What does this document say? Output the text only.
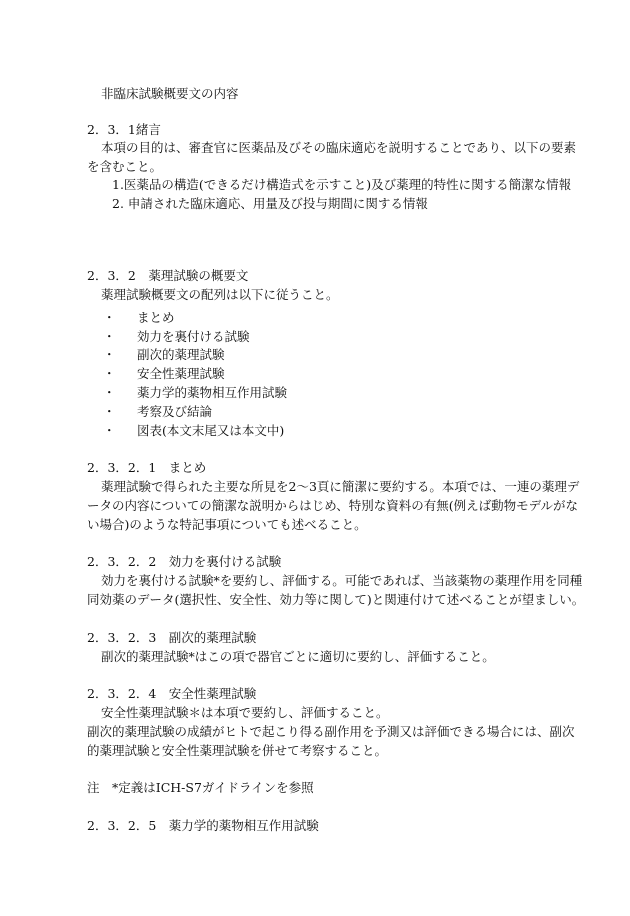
非臨床試験概要文の内容
2．3．1緒言
本項の目的は、審査官に医薬品及びその臨床適応を説明することであり、以下の要素
を含むこと。
1.医薬品の構造(できるだけ構造式を示すこと)及び薬理的特性に関する簡潔な情報
2. 申請された臨床適応、用量及び投与期間に関する情報
2．3．2　薬理試験の概要文
薬理試験概要文の配列は以下に従うこと。
・ まとめ
・ 効力を裏付ける試験
・ 副次的薬理試験
・ 安全性薬理試験
・ 薬力学的薬物相互作用試験
・ 考察及び結論
・ 図表(本文末尾又は本文中)
2．3．2．1　まとめ
薬理試験で得られた主要な所見を2〜3頁に簡潔に要約する。本項では、一連の薬理デ
ータの内容についての簡潔な説明からはじめ、特別な資料の有無(例えば動物モデルがな
い場合)のような特記事項についても述べること。
2．3．2．2　効力を裏付ける試験
効力を裏付ける試験*を要約し、評価する。可能であれば、当該薬物の薬理作用を同種
同効薬のデータ(選択性、安全性、効力等に関して)と関連付けて述べることが望ましい。
2．3．2．3　副次的薬理試験
副次的薬理試験*はこの項で器官ごとに適切に要約し、評価すること。
2．3．2．4　安全性薬理試験
安全性薬理試験＊は本項で要約し、評価すること。
副次的薬理試験の成績がヒトで起こり得る副作用を予測又は評価できる場合には、副次
的薬理試験と安全性薬理試験を併せて考察すること。
注　*定義はICH-S7ガイドラインを参照
2．3．2．5　薬力学的薬物相互作用試験
